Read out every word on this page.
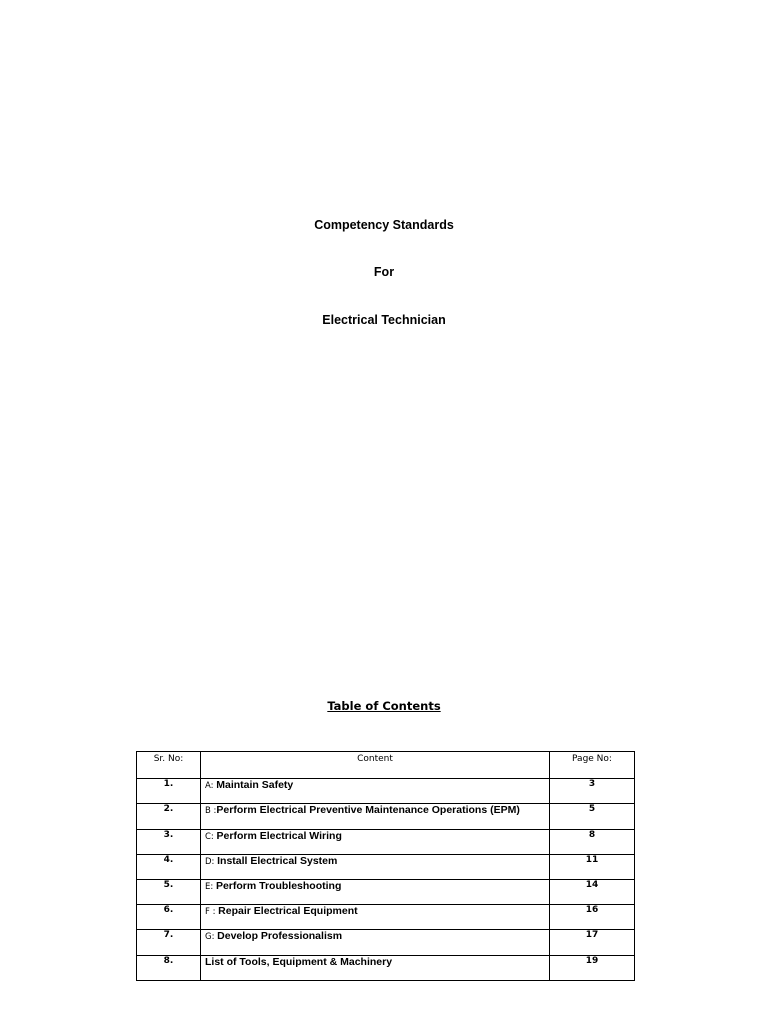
Competency Standards
For
Electrical Technician
Table of Contents
Sr. No:	Content	Page No:
1.	A: Maintain Safety	3
2.	B :Perform Electrical Preventive Maintenance Operations (EPM)	5
3.	C: Perform Electrical Wiring	8
4.	D: Install Electrical System	11
5.	E: Perform Troubleshooting	14
6.	F : Repair Electrical Equipment	16
7.	G: Develop Professionalism	17
8.	List of Tools, Equipment & Machinery	19
